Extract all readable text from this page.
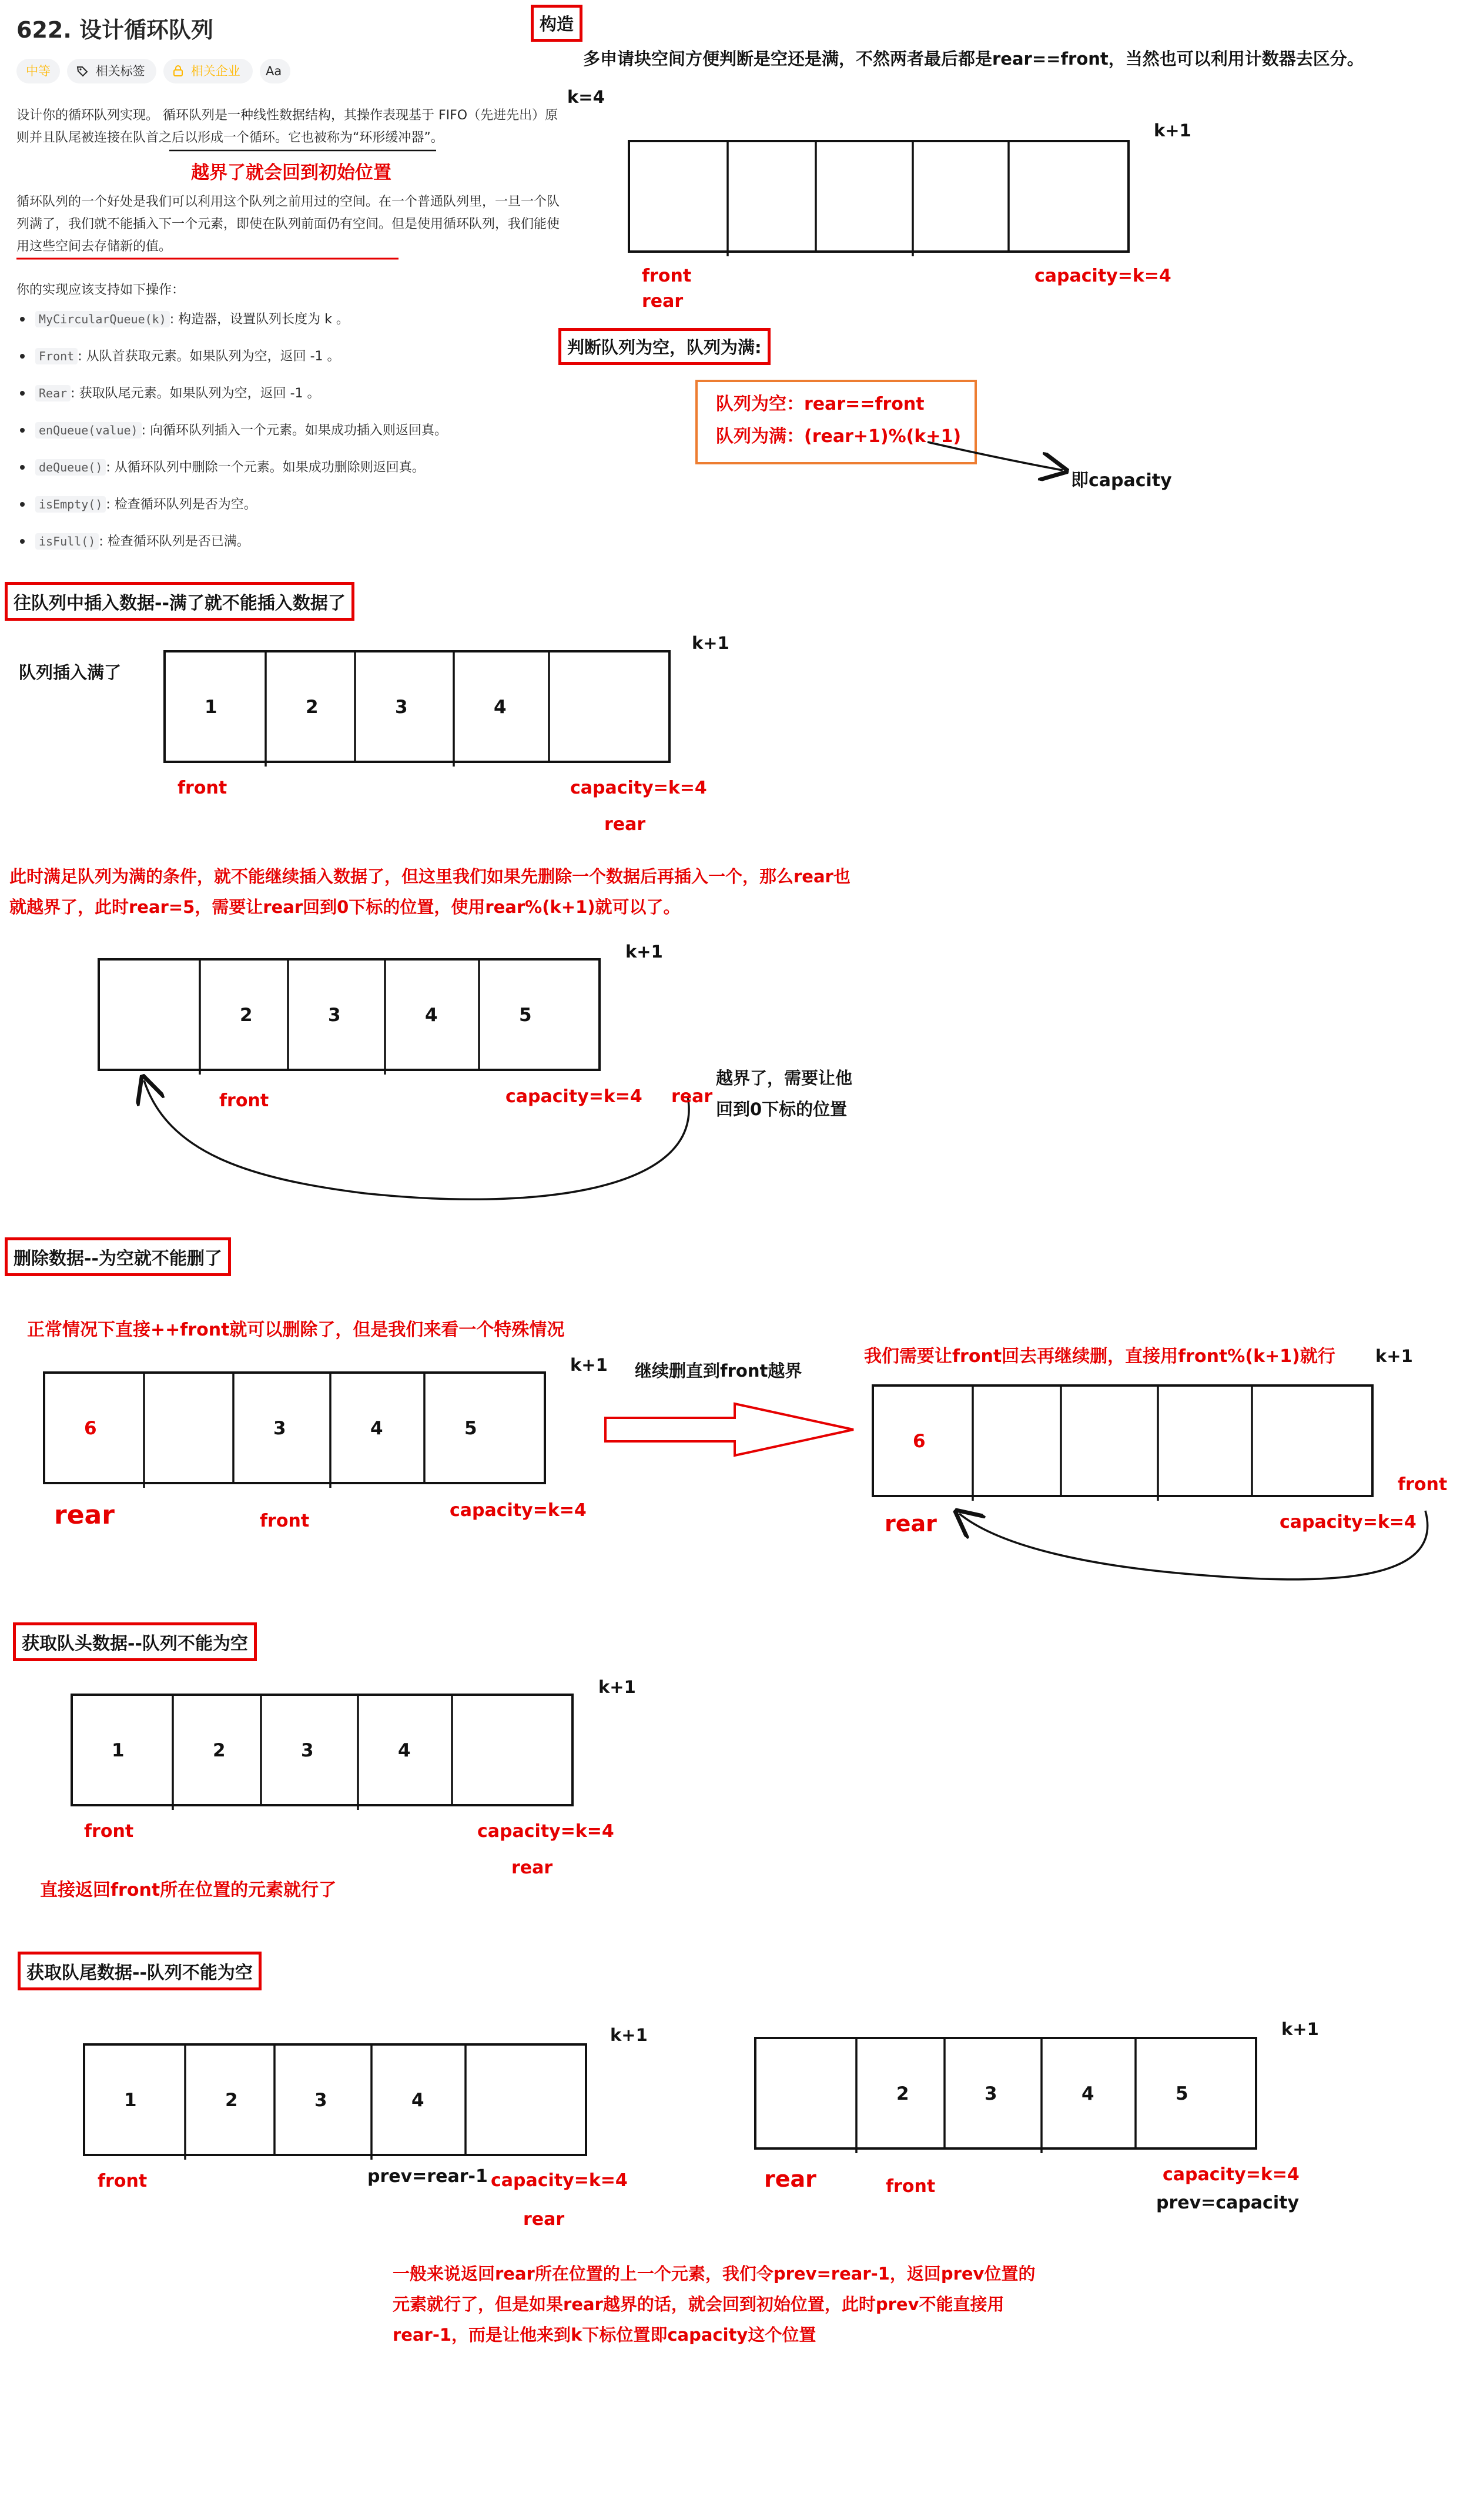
622. 设计循环队列
中等	相关标签	相关企业	Aa
设计你的循环队列实现。 循环队列是一种线性数据结构，其操作表现基于 FIFO（先进先出）原则并且队尾被连接在队首之后以形成一个循环。它也被称为“环形缓冲器”。
循环队列的一个好处是我们可以利用这个队列之前用过的空间。在一个普通队列里，一旦一个队列满了，我们就不能插入下一个元素，即使在队列前面仍有空间。但是使用循环队列，我们能使用这些空间去存储新的值。
你的实现应该支持如下操作：
MyCircularQueue(k) : 构造器，设置队列长度为 k 。
Front : 从队首获取元素。如果队列为空，返回 -1 。
Rear : 获取队尾元素。如果队列为空，返回 -1 。
enQueue(value) : 向循环队列插入一个元素。如果成功插入则返回真。
deQueue() : 从循环队列中删除一个元素。如果成功删除则返回真。
isEmpty() : 检查循环队列是否为空。
isFull() : 检查循环队列是否已满。
1	2	3	4
2	3	4	5
6	3	4	5
6
1	2	3	4
1	2	3	4	2	3	4	5
越界了就会回到初始位置
构造
多申请块空间方便判断是空还是满，不然两者最后都是rear==front，当然也可以利用计数器去区分。
k=4
k+1
front
rear
capacity=k=4
判断队列为空，队列为满:
队列为空：rear==front
队列为满：(rear+1)%(k+1)
即capacity
往队列中插入数据--满了就不能插入数据了
队列插入满了
k+1
front	capacity=k=4
rear
此时满足队列为满的条件，就不能继续插入数据了，但这里我们如果先删除一个数据后再插入一个，那么rear也
就越界了，此时rear=5，需要让rear回到0下标的位置，使用rear%(k+1)就可以了。
k+1
front	capacity=k=4 rear
越界了，需要让他
回到0下标的位置
删除数据--为空就不能删了
正常情况下直接++front就可以删除了，但是我们来看一个特殊情况
k+1 继续删直到front越界
rear	front
capacity=k=4
我们需要让front回去再继续删，直接用front%(k+1)就行 k+1
front
rear	capacity=k=4
获取队头数据--队列不能为空
k+1
front	capacity=k=4
rear
直接返回front所在位置的元素就行了
获取队尾数据--队列不能为空
k+1
front	prev=rear-1 capacity=k=4
rear
k+1
rear	front
capacity=k=4
prev=capacity
一般来说返回rear所在位置的上一个元素，我们令prev=rear-1，返回prev位置的
元素就行了，但是如果rear越界的话，就会回到初始位置，此时prev不能直接用
rear-1，而是让他来到k下标位置即capacity这个位置
